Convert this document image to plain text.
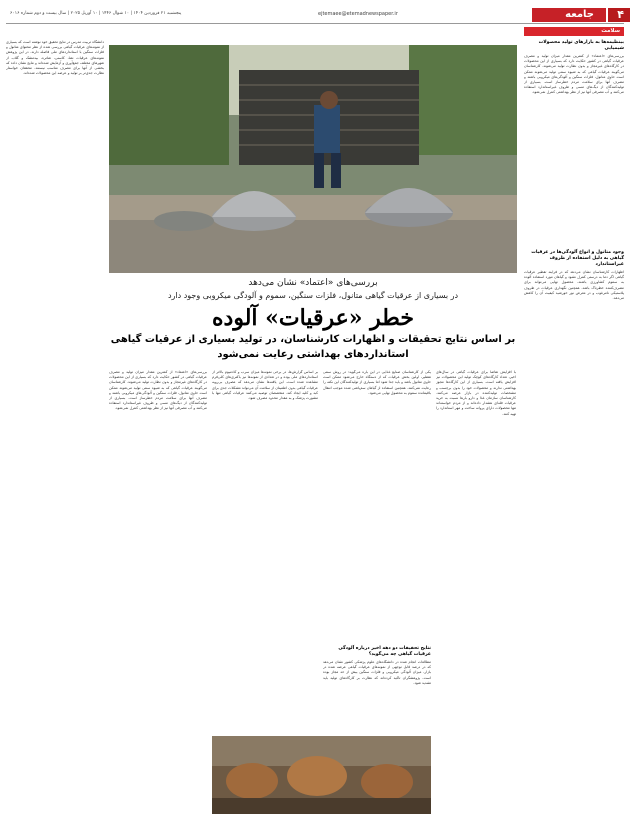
۴
جامعه
ejtemaee@etemadnewspaper.ir
پنجشنبه ۲۱ فروردین ۱۴۰۴ | ۱۰ شوال ۱۴۴۶ | ۱۰ آوریل ۲۰۲۵ | سال بیست و دوم شماره ۶۰۱۶
سلامت
بینظیمه‌ها به بازارهای تولید محصولات شیمیایی
بررسی‌های «اعتماد» از کمترین مقدار میزان تولید و مصرف عرقیات گیاهی در کشور حکایت دارد که بسیاری از این محصولات در کارگاه‌های غیرمجاز و بدون نظارت تولید می‌شوند. کارشناسان می‌گویند عرقیات گیاهی که به شیوه سنتی تولید می‌شوند ممکن است حاوی متانول، فلزات سنگین و آلودگی‌های میکروبی باشند و مصرف آنها برای سلامت مردم خطرساز است. بسیاری از تولیدکنندگان از دیگ‌های مسی و ظروف غیراستاندارد استفاده می‌کنند و آب مصرفی آنها نیز از نظر بهداشتی کنترل نمی‌شود.
وجود متانول و انواع آلودگی‌ها در عرقیات گیاهی به دلیل استفاده از ظروف غیراستاندارد
اظهارات کارشناسان نشان می‌دهد که در فرآیند تقطیر عرقیات گیاهی اگر دما به درستی کنترل نشود و گیاهان مورد استفاده آلوده به سموم کشاورزی باشند، محصول نهایی می‌تواند برای مصرف‌کننده خطرناک باشد. همچنین نگهداری عرقیات در ظروف پلاستیکی نامرغوب و در معرض نور خورشید کیفیت آن را کاهش می‌دهد.
دانشگاه تربیت مدرس در نتایج تحقیق خود نوشته است که بسیاری از نمونه‌های عرقیات گیاهی بررسی شده از نظر محتوای متانول و فلزات سنگین با استانداردهای ملی فاصله دارند. در این پژوهش نمونه‌های عرقیات نعنا، کاسنی، شاتره، بیدمشک و گلاب از شهرهای مختلف جمع‌آوری و آزمایش شده‌اند و نتایج نشان داده که بخشی از آنها برای مصرف مناسب نیستند. محققان خواستار نظارت جدی‌تر بر تولید و عرضه این محصولات شده‌اند.
بررسی‌های «اعتماد» نشان می‌دهد
در بسیاری از عرقیات گیاهی متانول، فلزات سنگین، سموم و آلودگی میکروبی وجود دارد
خطر «عرقیات» آلوده
بر اساس نتایج تحقیقات و اظهارات کارشناسان، در تولید بسیاری از عرقیات گیاهی
استانداردهای بهداشتی رعایت نمی‌شود
با افزایش تقاضا برای عرقیات گیاهی در سال‌های اخیر، تعداد کارگاه‌های کوچک تولید این محصولات نیز افزایش یافته است. بسیاری از این کارگاه‌ها مجوز بهداشتی ندارند و محصولات خود را بدون برچسب و مشخصات تولیدکننده در بازار عرضه می‌کنند. کارشناسان سازمان غذا و دارو بارها نسبت به خرید عرقیات فله‌ای هشدار داده‌اند و از مردم خواسته‌اند تنها محصولات دارای پروانه ساخت و مهر استاندارد را تهیه کنند.
یکی از کارشناسان صنایع غذایی در این باره می‌گوید: در روش سنتی تقطیر، اولین بخش عرقیات که از دستگاه خارج می‌شود ممکن است حاوی متانول باشد و باید جدا شود اما بسیاری از تولیدکنندگان این نکته را رعایت نمی‌کنند. همچنین استفاده از گیاهان سم‌پاشی شده موجب انتقال باقیمانده سموم به محصول نهایی می‌شود.
نتایج تحقیقات دو دهه اخیر درباره آلودگی عرقیات گیاهی چه می‌گوید؟
مطالعات انجام شده در دانشگاه‌های علوم پزشکی کشور نشان می‌دهد که در درصد قابل توجهی از نمونه‌های عرقیات گیاهی عرضه شده در بازار، میزان آلودگی میکروبی و فلزات سنگین بیش از حد مجاز بوده است. پژوهشگران تاکید کرده‌اند که نظارت بر کارگاه‌های تولید باید تشدید شود.
بر اساس گزارش‌ها، در برخی نمونه‌ها میزان سرب و کادمیوم بالاتر از استانداردهای ملی بوده و در تعدادی از نمونه‌ها نیز باکتری‌های کلی‌فرم مشاهده شده است. این یافته‌ها نشان می‌دهد که مصرف بی‌رویه عرقیات گیاهی بدون اطمینان از سلامت آن می‌تواند مشکلات جدی برای کبد و کلیه ایجاد کند. متخصصان توصیه می‌کنند عرقیات گیاهی تنها با مشورت پزشک و به مقدار محدود مصرف شود.
بررسی‌های «اعتماد» از کمترین مقدار میزان تولید و مصرف عرقیات گیاهی در کشور حکایت دارد که بسیاری از این محصولات در کارگاه‌های غیرمجاز و بدون نظارت تولید می‌شوند. کارشناسان می‌گویند عرقیات گیاهی که به شیوه سنتی تولید می‌شوند ممکن است حاوی متانول، فلزات سنگین و آلودگی‌های میکروبی باشند و مصرف آنها برای سلامت مردم خطرساز است. بسیاری از تولیدکنندگان از دیگ‌های مسی و ظروف غیراستاندارد استفاده می‌کنند و آب مصرفی آنها نیز از نظر بهداشتی کنترل نمی‌شود.
